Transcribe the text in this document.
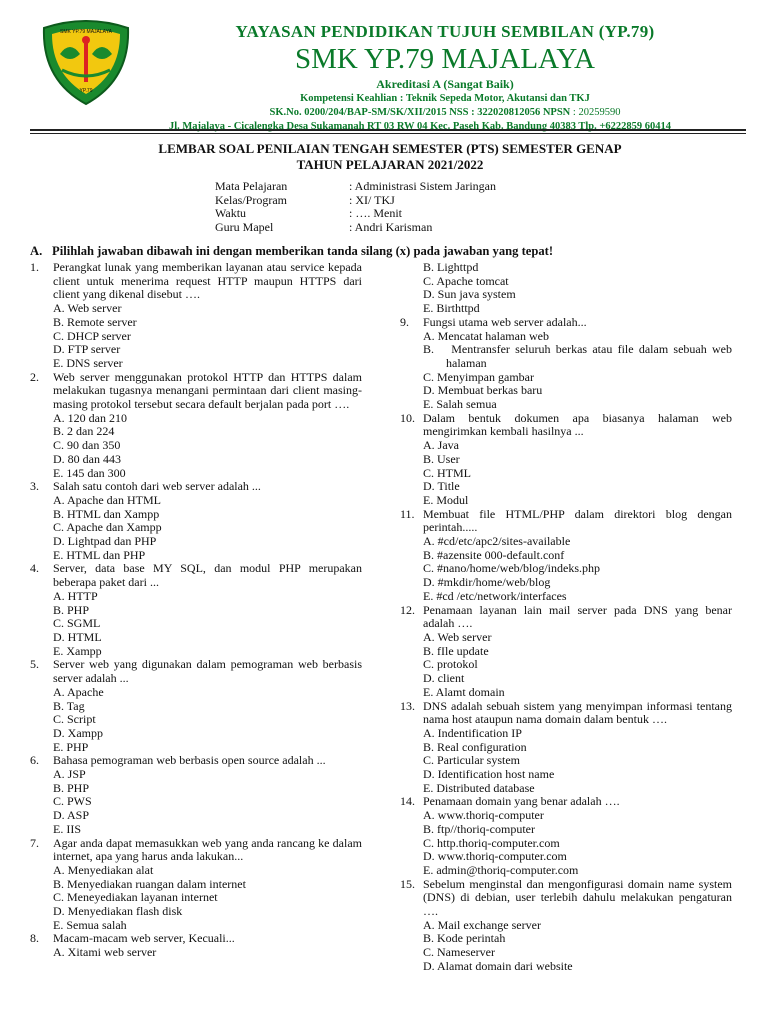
SMK YP.79 MAJALAYA
YP.79
YAYASAN PENDIDIKAN TUJUH SEMBILAN (YP.79)
SMK YP.79 MAJALAYA
Akreditasi A (Sangat Baik)
Kompetensi Keahlian : Teknik Sepeda Motor, Akutansi dan TKJ
SK.No. 0200/204/BAP-SM/SK/XII/2015 NSS : 322020812056 NPSN : 20259590
Jl. Majalaya - Cicalengka Desa Sukamanah RT 03 RW 04 Kec. Paseh Kab. Bandung 40383 Tlp. +6222859 60414
LEMBAR SOAL PENILAIAN TENGAH SEMESTER (PTS) SEMESTER GENAP
TAHUN PELAJARAN 2021/2022
Mata Pelajaran	: Administrasi Sistem Jaringan
Kelas/Program	: XI/ TKJ
Waktu	: …. Menit
Guru Mapel	: Andri Karisman
A. Pilihlah jawaban dibawah ini dengan memberikan tanda silang (x) pada jawaban yang tepat!
1.	Perangkat lunak yang memberikan layanan atau service kepada client untuk menerima request HTTP maupun HTTPS dari client yang dikenal disebut ….
A. Web server
B. Remote server
C. DHCP server
D. FTP server
E. DNS server
2.	Web server menggunakan protokol HTTP dan HTTPS dalam melakukan tugasnya menangani permintaan dari client masing-masing protokol tersebut secara default berjalan pada port ….
A. 120 dan 210
B. 2 dan 224
C. 90 dan 350
D. 80 dan 443
E. 145 dan 300
3.	Salah satu contoh dari web server adalah ...
A. Apache dan HTML
B. HTML dan Xampp
C. Apache dan Xampp
D. Lightpad dan PHP
E. HTML dan PHP
4.	Server, data base MY SQL, dan modul PHP merupakan beberapa paket dari ...
A. HTTP
B. PHP
C. SGML
D. HTML
E. Xampp
5.	Server web yang digunakan dalam pemograman web berbasis server adalah ...
A. Apache
B. Tag
C. Script
D. Xampp
E. PHP
6.	Bahasa pemograman web berbasis open source adalah ...
A. JSP
B. PHP
C. PWS
D. ASP
E. IIS
7.	Agar anda dapat memasukkan web yang anda rancang ke dalam internet, apa yang harus anda lakukan...
A. Menyediakan alat
B. Menyediakan ruangan dalam internet
C. Meneyediakan layanan internet
D. Menyediakan flash disk
E. Semua salah
8.	Macam-macam web server, Kecuali...
A. Xitami web server
B. Lighttpd
C. Apache tomcat
D. Sun java system
E. Birthttpd
9.	Fungsi utama web server adalah...
A. Mencatat halaman web
B. Mentransfer seluruh berkas atau file dalam sebuah web halaman
C. Menyimpan gambar
D. Membuat berkas baru
E. Salah semua
10. Dalam bentuk dokumen apa biasanya halaman web mengirimkan kembali hasilnya ...
A. Java
B. User
C. HTML
D. Title
E. Modul
11. Membuat file HTML/PHP dalam direktori blog dengan perintah.....
A. #cd/etc/apc2/sites-available
B. #azensite 000-default.conf
C. #nano/home/web/blog/indeks.php
D. #mkdir/home/web/blog
E. #cd /etc/network/interfaces
12. Penamaan layanan lain mail server pada DNS yang benar adalah ….
A. Web server
B. fIle update
C. protokol
D. client
E. Alamt domain
13. DNS adalah sebuah sistem yang menyimpan informasi tentang nama host ataupun nama domain dalam bentuk ….
A. Indentification IP
B. Real configuration
C. Particular system
D. Identification host name
E. Distributed database
14. Penamaan domain yang benar adalah ….
A. www.thoriq-computer
B. ftp//thoriq-computer
C. http.thoriq-computer.com
D. www.thoriq-computer.com
E. admin@thoriq-computer.com
15. Sebelum menginstal dan mengonfigurasi domain name system (DNS) di debian, user terlebih dahulu melakukan pengaturan ….
A. Mail exchange server
B. Kode perintah
C. Nameserver
D. Alamat domain dari website
